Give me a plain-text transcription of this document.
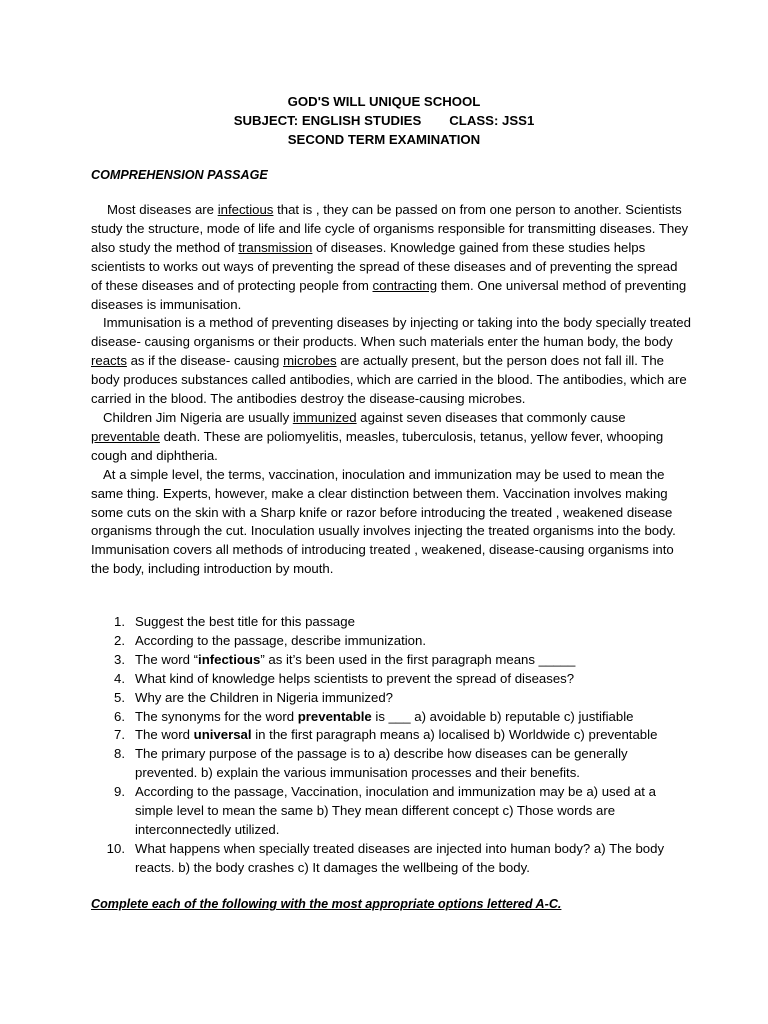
GOD'S WILL UNIQUE SCHOOL
SUBJECT: ENGLISH STUDIES CLASS: JSS1
SECOND TERM EXAMINATION
COMPREHENSION PASSAGE

Most diseases are infectious that is , they can be passed on from one person to another. Scientists study the structure, mode of life and life cycle of organisms responsible for transmitting diseases. They also study the method of transmission of diseases. Knowledge gained from these studies helps scientists to works out ways of preventing the spread of these diseases and of preventing the spread of these diseases and of protecting people from contracting them. One universal method of preventing diseases is immunisation.

Immunisation is a method of preventing diseases by injecting or taking into the body specially treated disease- causing organisms or their products. When such materials enter the human body, the body reacts as if the disease- causing microbes are actually present, but the person does not fall ill. The body produces substances called antibodies, which are carried in the blood. The antibodies, which are carried in the blood. The antibodies destroy the disease-causing microbes.

Children Jim Nigeria are usually immunized against seven diseases that commonly cause preventable death. These are poliomyelitis, measles, tuberculosis, tetanus, yellow fever, whooping cough and diphtheria.

At a simple level, the terms, vaccination, inoculation and immunization may be used to mean the same thing. Experts, however, make a clear distinction between them. Vaccination involves making some cuts on the skin with a Sharp knife or razor before introducing the treated , weakened disease organisms through the cut. Inoculation usually involves injecting the treated organisms into the body. Immunisation covers all methods of introducing treated , weakened, disease-causing organisms into the body, including introduction by mouth.

1. Suggest the best title for this passage
2. According to the passage, describe immunization.
3. The word “infectious” as it’s been used in the first paragraph means _____
4. What kind of knowledge helps scientists to prevent the spread of diseases?
5. Why are the Children in Nigeria immunized?
6. The synonyms for the word preventable is ___ a) avoidable b) reputable c) justifiable
7. The word universal in the first paragraph means a) localised b) Worldwide c) preventable
8. The primary purpose of the passage is to a) describe how diseases can be generally prevented. b) explain the various immunisation processes and their benefits.
9. According to the passage, Vaccination, inoculation and immunization may be a) used at a simple level to mean the same b) They mean different concept c) Those words are interconnectedly utilized.
10. What happens when specially treated diseases are injected into human body? a) The body reacts. b) the body crashes c) It damages the wellbeing of the body.
Complete each of the following with the most appropriate options lettered A-C.
